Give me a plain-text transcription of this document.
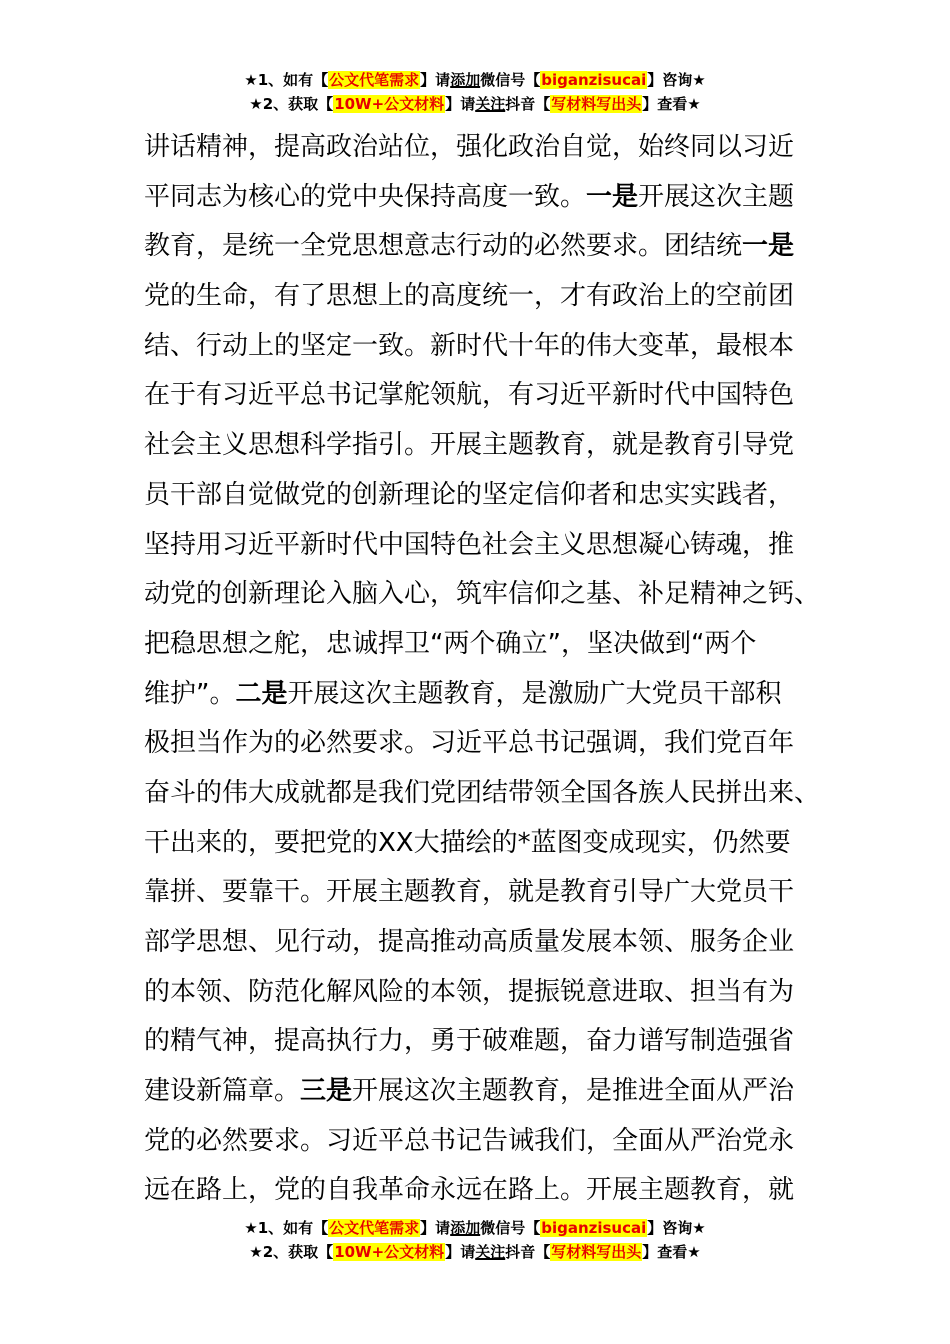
★1、如有【公文代笔需求】请添加微信号【biganzisucai】咨询★
★2、获取【10W+公文材料】请关注抖音【写材料写出头】查看★
讲话精神，提高政治站位，强化政治自觉，始终同以习近
平同志为核心的党中央保持高度一致。一是开展这次主题
教育，是统一全党思想意志行动的必然要求。团结统一是
党的生命，有了思想上的高度统一，才有政治上的空前团
结、行动上的坚定一致。新时代十年的伟大变革，最根本
在于有习近平总书记掌舵领航，有习近平新时代中国特色
社会主义思想科学指引。开展主题教育，就是教育引导党
员干部自觉做党的创新理论的坚定信仰者和忠实实践者，
坚持用习近平新时代中国特色社会主义思想凝心铸魂，推
动党的创新理论入脑入心，筑牢信仰之基、补足精神之钙、
把稳思想之舵，忠诚捍卫“两个确立”，坚决做到“两个
维护”。二是开展这次主题教育，是激励广大党员干部积
极担当作为的必然要求。习近平总书记强调，我们党百年
奋斗的伟大成就都是我们党团结带领全国各族人民拼出来、
干出来的，要把党的XX大描绘的*蓝图变成现实，仍然要
靠拼、要靠干。开展主题教育，就是教育引导广大党员干
部学思想、见行动，提高推动高质量发展本领、服务企业
的本领、防范化解风险的本领，提振锐意进取、担当有为
的精气神，提高执行力，勇于破难题，奋力谱写制造强省
建设新篇章。三是开展这次主题教育，是推进全面从严治
党的必然要求。习近平总书记告诫我们，全面从严治党永
远在路上，党的自我革命永远在路上。开展主题教育，就
★1、如有【公文代笔需求】请添加微信号【biganzisucai】咨询★
★2、获取【10W+公文材料】请关注抖音【写材料写出头】查看★
